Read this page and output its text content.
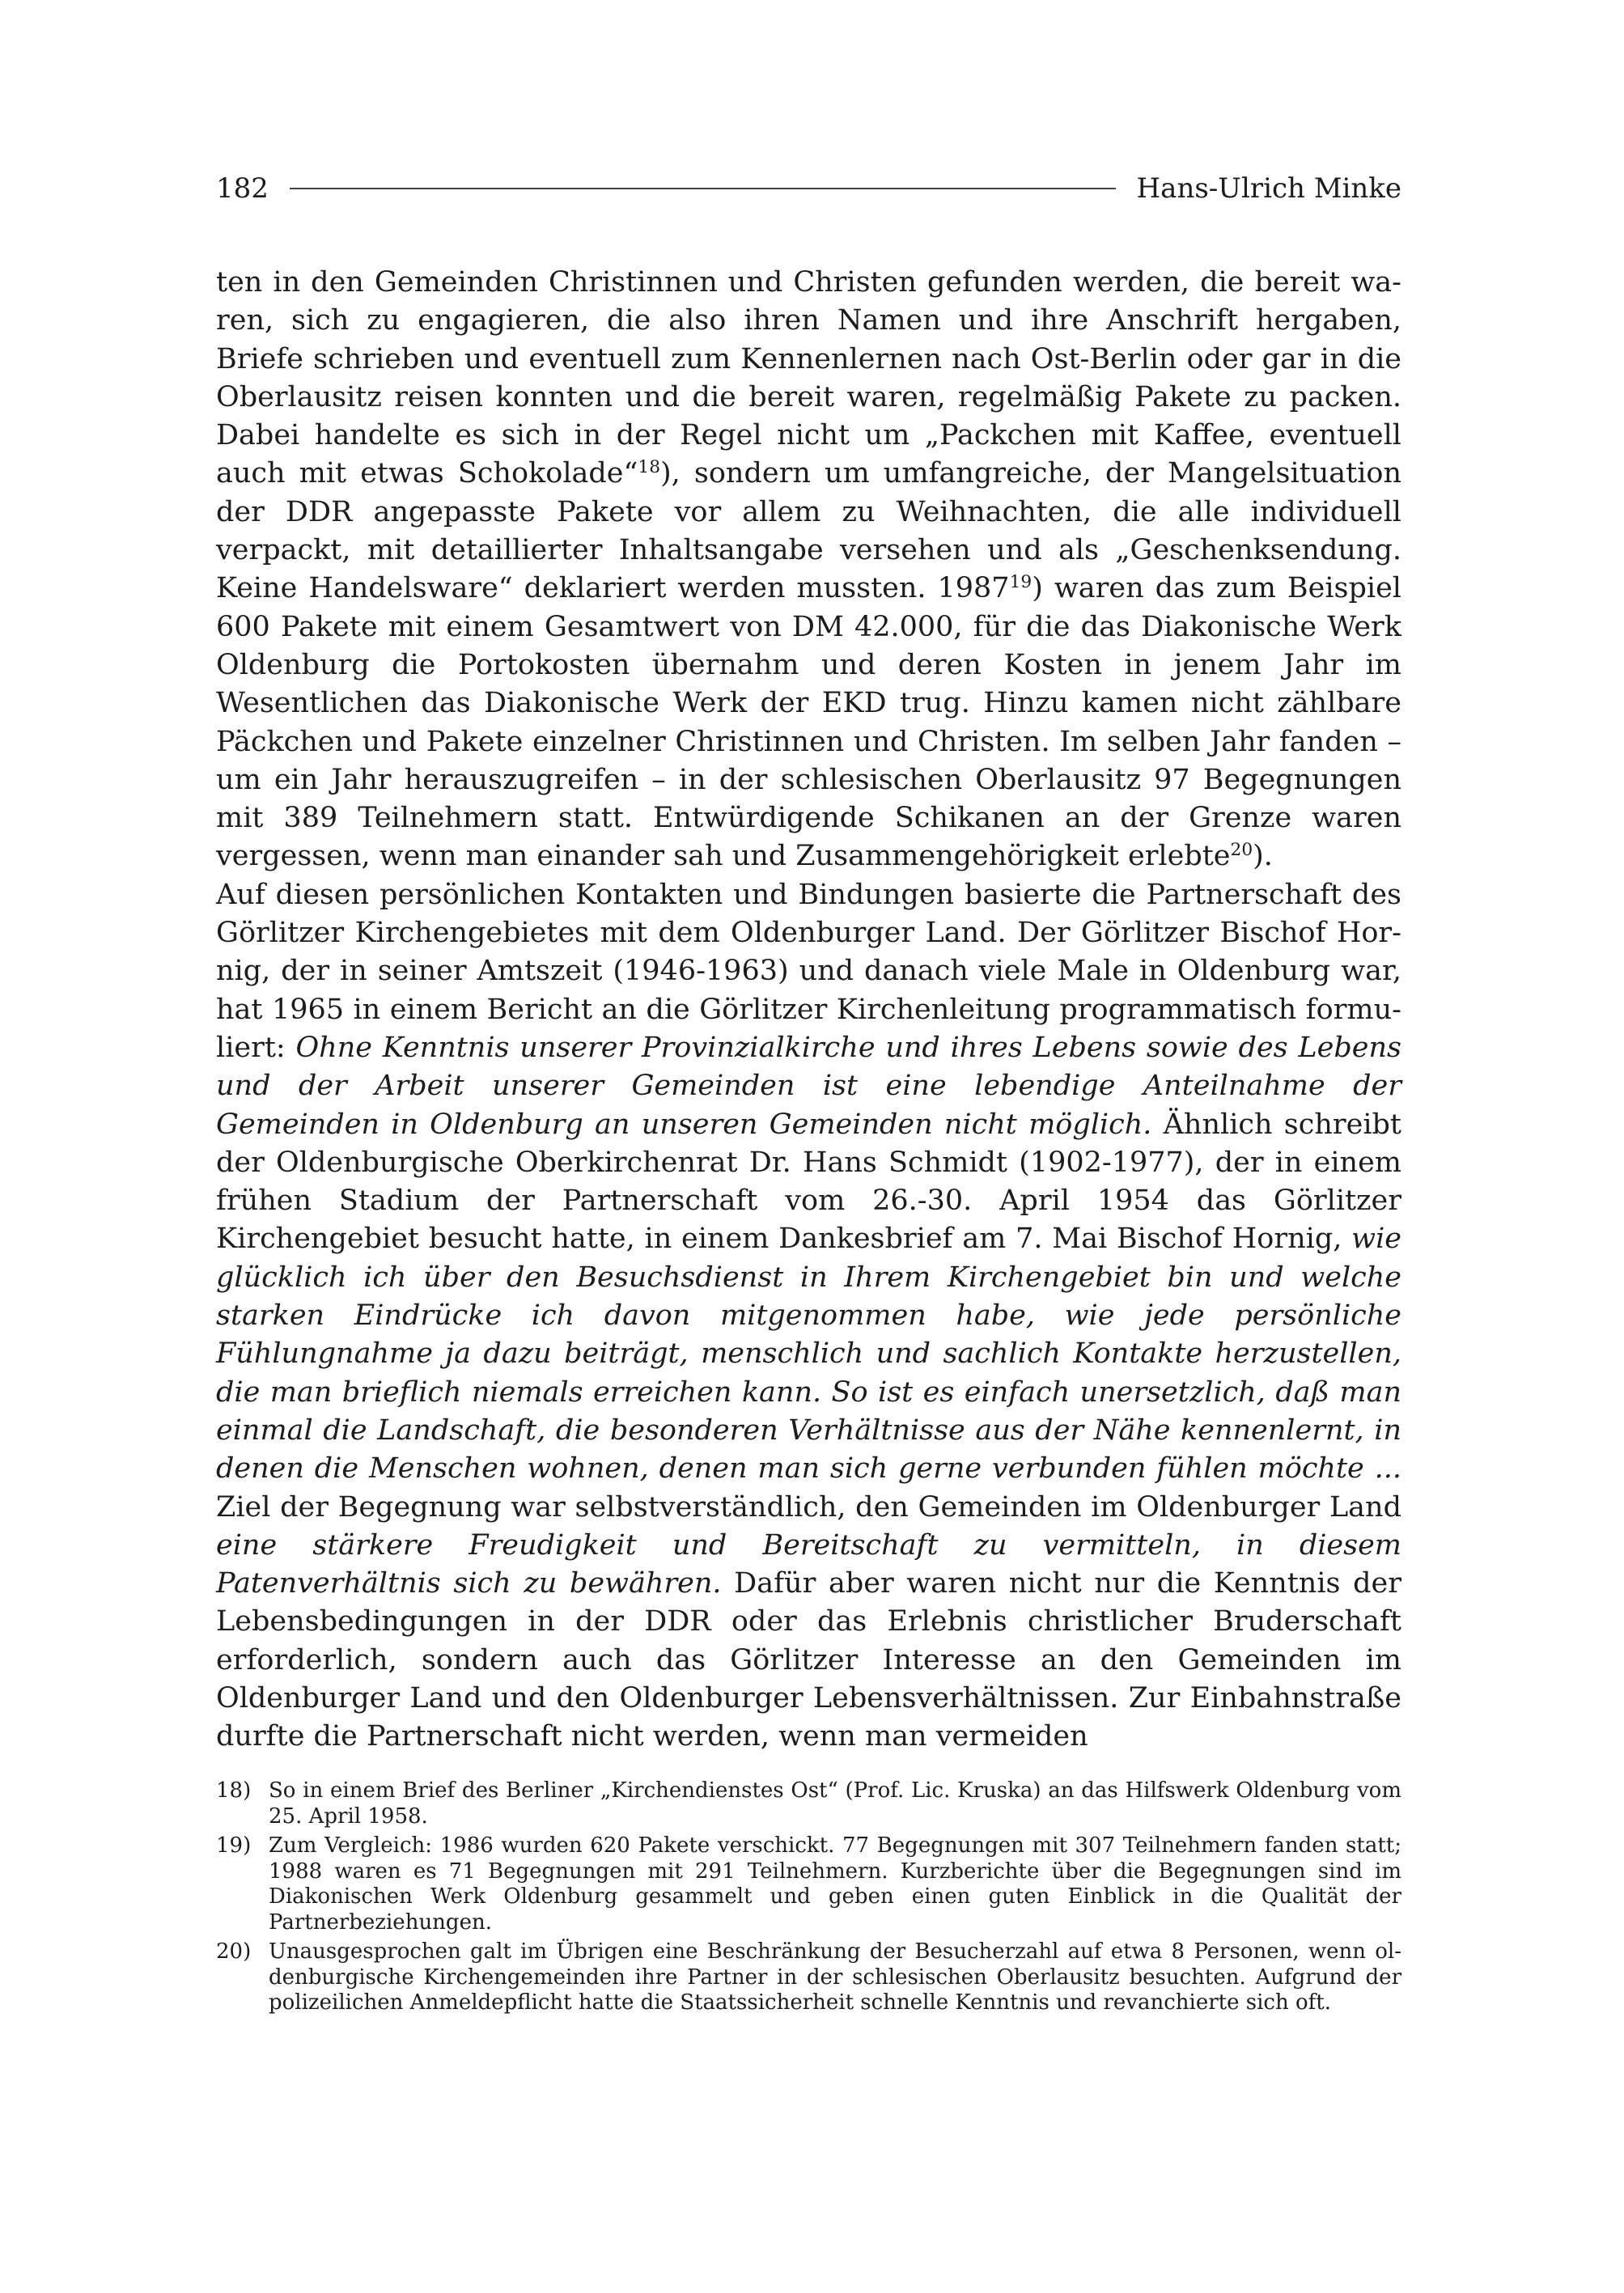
182	Hans-Ulrich Minke

ten in den Gemeinden Christinnen und Christen gefunden werden, die bereit waren, sich zu engagieren, die also ihren Namen und ihre Anschrift hergaben, Briefe schrieben und eventuell zum Kennenlernen nach Ost-Berlin oder gar in die Oberlausitz reisen konnten und die bereit waren, regelmäßig Pakete zu packen. Dabei handelte es sich in der Regel nicht um „Packchen mit Kaffee, eventuell auch mit etwas Schokolade“$^{18}$), sondern um umfangreiche, der Mangelsituation der DDR angepasste Pakete vor allem zu Weihnachten, die alle individuell verpackt, mit detaillierter Inhaltsangabe versehen und als „Geschenksendung. Keine Handelsware“ deklariert werden mussten. 1987$^{19}$) waren das zum Beispiel 600 Pakete mit einem Gesamtwert von DM 42.000, für die das Diakonische Werk Oldenburg die Portokosten übernahm und deren Kosten in jenem Jahr im Wesentlichen das Diakonische Werk der EKD trug. Hinzu kamen nicht zählbare Päckchen und Pakete einzelner Christinnen und Christen. Im selben Jahr fanden – um ein Jahr herauszugreifen – in der schlesischen Oberlausitz 97 Begegnungen mit 389 Teilnehmern statt. Entwürdigende Schikanen an der Grenze waren vergessen, wenn man einander sah und Zusammengehörigkeit erlebte$^{20}$).

Auf diesen persönlichen Kontakten und Bindungen basierte die Partnerschaft des Görlitzer Kirchengebietes mit dem Oldenburger Land. Der Görlitzer Bischof Hornig, der in seiner Amtszeit (1946-1963) und danach viele Male in Oldenburg war, hat 1965 in einem Bericht an die Görlitzer Kirchenleitung programmatisch formuliert: Ohne Kenntnis unserer Provinzialkirche und ihres Lebens sowie des Lebens und der Arbeit unserer Gemeinden ist eine lebendige Anteilnahme der Gemeinden in Oldenburg an unseren Gemeinden nicht möglich. Ähnlich schreibt der Oldenburgische Oberkirchenrat Dr. Hans Schmidt (1902-1977), der in einem frühen Stadium der Partnerschaft vom 26.-30. April 1954 das Görlitzer Kirchengebiet besucht hatte, in einem Dankesbrief am 7. Mai Bischof Hornig, wie glücklich ich über den Besuchsdienst in Ihrem Kirchengebiet bin und welche starken Eindrücke ich davon mitgenommen habe, wie jede persönliche Fühlungnahme ja dazu beiträgt, menschlich und sachlich Kontakte herzustellen, die man brieflich niemals erreichen kann. So ist es einfach unersetzlich, daß man einmal die Landschaft, die besonderen Verhältnisse aus der Nähe kennenlernt, in denen die Menschen wohnen, denen man sich gerne verbunden fühlen möchte ... Ziel der Begegnung war selbstverständlich, den Gemeinden im Oldenburger Land eine stärkere Freudigkeit und Bereitschaft zu vermitteln, in diesem Patenverhältnis sich zu bewähren. Dafür aber waren nicht nur die Kenntnis der Lebensbedingungen in der DDR oder das Erlebnis christlicher Bruderschaft erforderlich, sondern auch das Görlitzer Interesse an den Gemeinden im Oldenburger Land und den Oldenburger Lebensverhältnissen. Zur Einbahnstraße durfte die Partnerschaft nicht werden, wenn man vermeiden

18) So in einem Brief des Berliner „Kirchendienstes Ost“ (Prof. Lic. Kruska) an das Hilfswerk Oldenburg vom 25. April 1958.
19) Zum Vergleich: 1986 wurden 620 Pakete verschickt. 77 Begegnungen mit 307 Teilnehmern fanden statt; 1988 waren es 71 Begegnungen mit 291 Teilnehmern. Kurzberichte über die Begegnungen sind im Diakonischen Werk Oldenburg gesammelt und geben einen guten Einblick in die Qualität der Partnerbeziehungen.
20) Unausgesprochen galt im Übrigen eine Beschränkung der Besucherzahl auf etwa 8 Personen, wenn oldenburgische Kirchengemeinden ihre Partner in der schlesischen Oberlausitz besuchten. Aufgrund der polizeilichen Anmeldepflicht hatte die Staatssicherheit schnelle Kenntnis und revanchierte sich oft.
